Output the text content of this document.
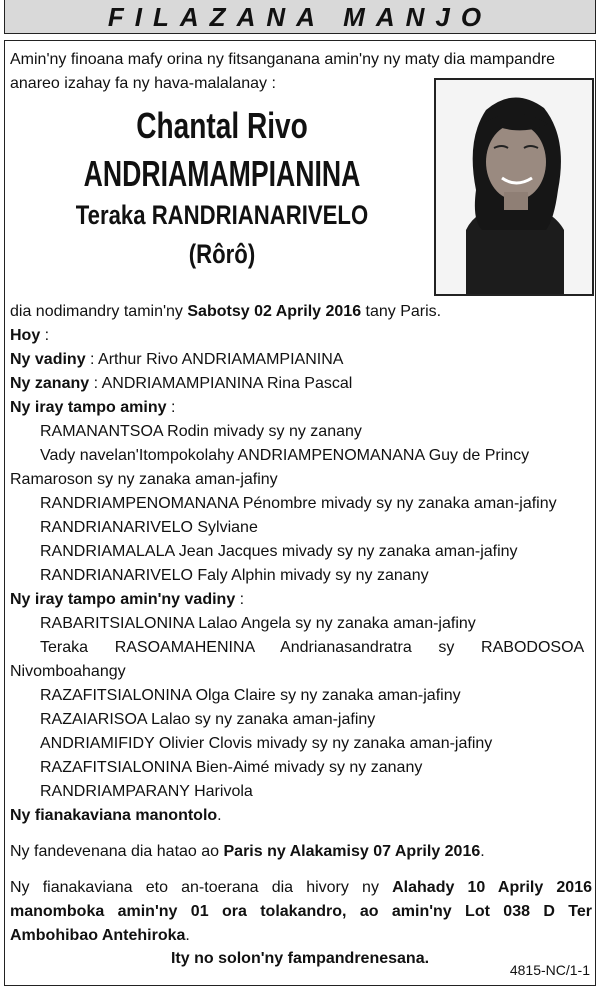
FILAZANA MANJO
Amin'ny finoana mafy orina ny fitsanganana amin'ny ny maty dia mampandre anareo izahay fa ny hava-malalanay :
Chantal Rivo
ANDRIAMAMPIANINA
Teraka RANDRIANARIVELO
(Rôrô)
dia nodimandry tamin'ny Sabotsy 02 Aprily 2016 tany Paris.
Hoy :
Ny vadiny : Arthur Rivo ANDRIAMAMPIANINA
Ny zanany : ANDRIAMAMPIANINA Rina Pascal
Ny iray tampo aminy :
RAMANANTSOA Rodin mivady sy ny zanany
Vady navelan'Itompokolahy ANDRIAMPENOMANANA Guy de Princy
Ramaroson sy ny zanaka aman-jafiny
RANDRIAMPENOMANANA Pénombre mivady sy ny zanaka aman-jafiny
RANDRIANARIVELO Sylviane
RANDRIAMALALA Jean Jacques mivady sy ny zanaka aman-jafiny
RANDRIANARIVELO Faly Alphin mivady sy ny zanany
Ny iray tampo amin'ny vadiny :
RABARITSIALONINA Lalao Angela sy ny zanaka aman-jafiny
Teraka      RASOAMAHENINA      Andrianasandratra      sy      RABODOSOA
Nivomboahangy
RAZAFITSIALONINA Olga Claire sy ny zanaka aman-jafiny
RAZAIARISOA Lalao sy ny zanaka aman-jafiny
ANDRIAMIFIDY Olivier Clovis mivady sy ny zanaka aman-jafiny
RAZAFITSIALONINA Bien-Aimé mivady sy ny zanany
RANDRIAMPARANY Harivola
Ny fianakaviana manontolo.
Ny fandevenana dia hatao ao Paris ny Alakamisy 07 Aprily 2016.
Ny fianakaviana eto an-toerana dia hivory ny Alahady 10 Aprily 2016 manomboka amin'ny 01 ora tolakandro, ao amin'ny Lot 038 D Ter Ambohibao Antehiroka.
Ity no solon'ny fampandrenesana.
4815-NC/1-1
